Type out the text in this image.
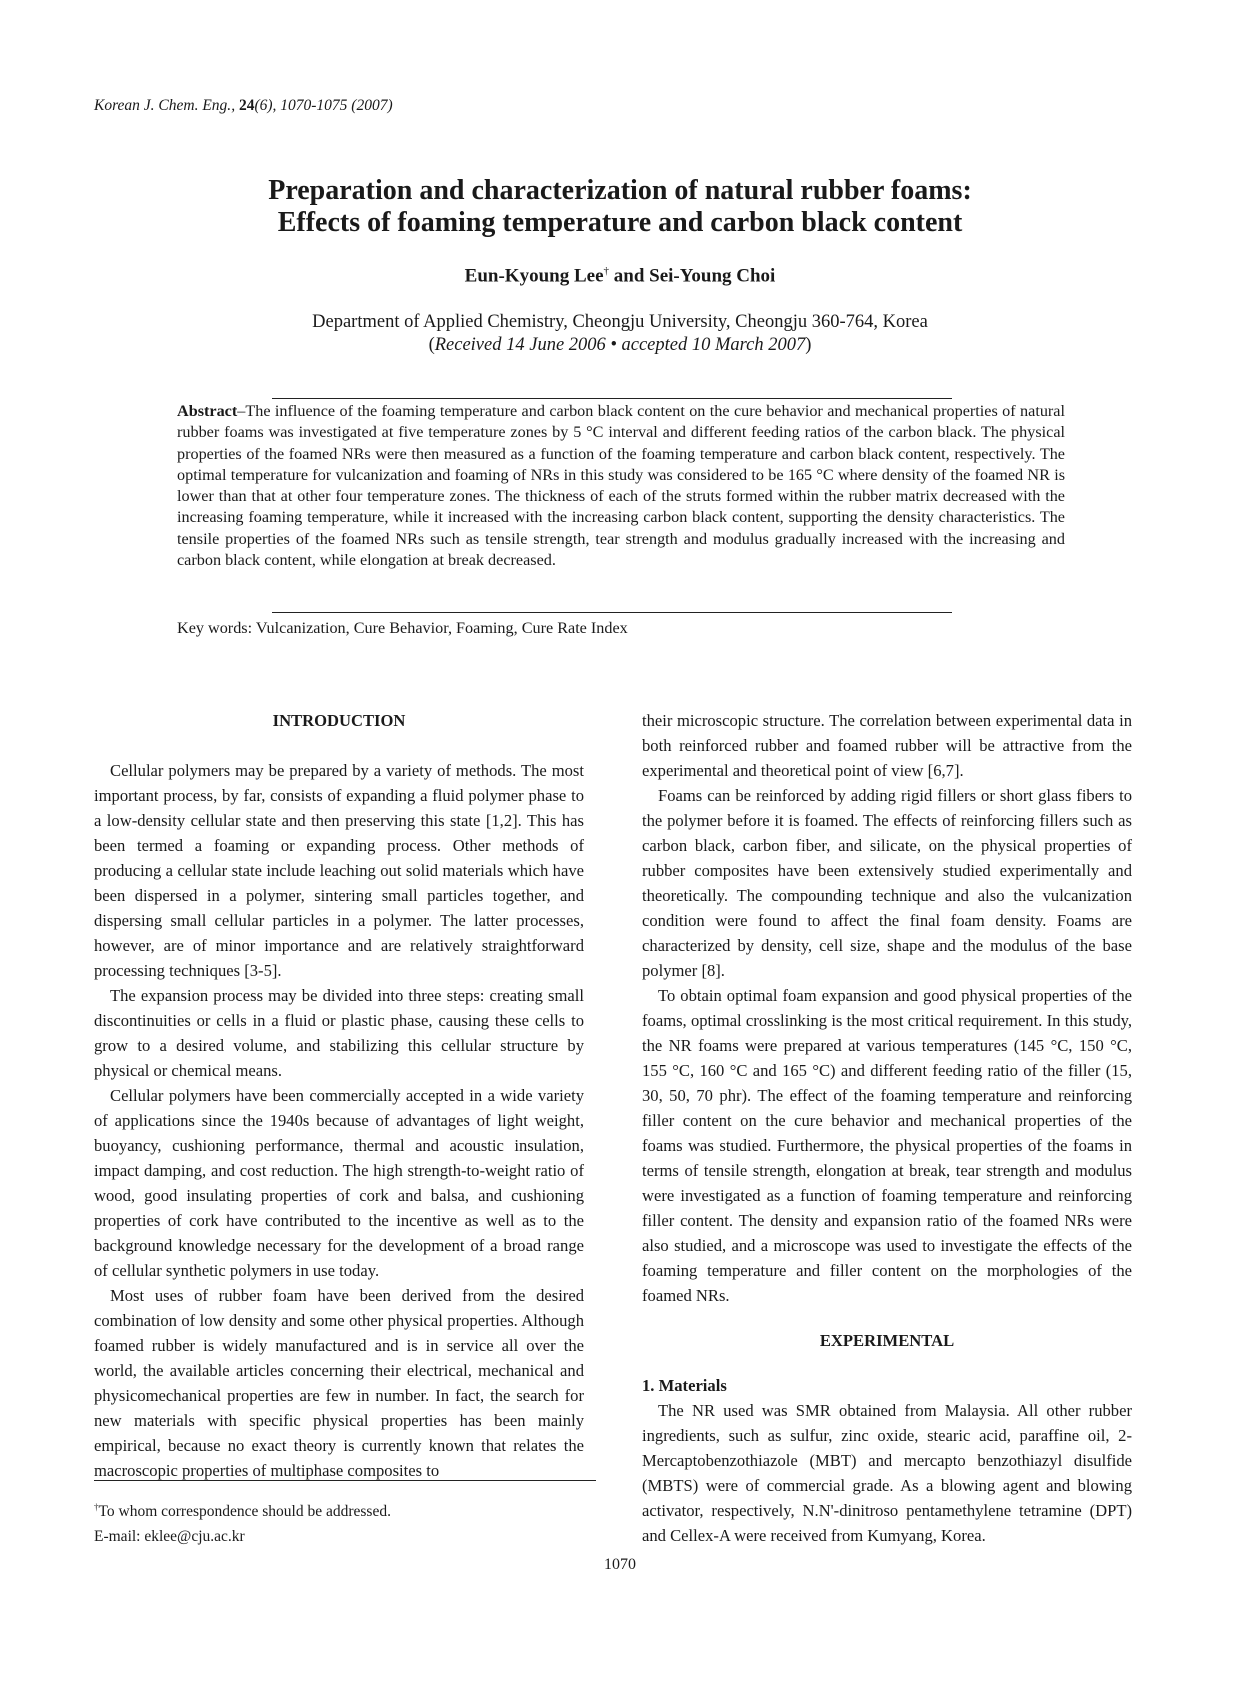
Korean J. Chem. Eng., 24(6), 1070-1075 (2007)
Preparation and characterization of natural rubber foams:
Effects of foaming temperature and carbon black content
Eun-Kyoung Lee† and Sei-Young Choi
Department of Applied Chemistry, Cheongju University, Cheongju 360-764, Korea
(Received 14 June 2006 • accepted 10 March 2007)
Abstract–The influence of the foaming temperature and carbon black content on the cure behavior and mechanical properties of natural rubber foams was investigated at five temperature zones by 5 °C interval and different feeding ratios of the carbon black. The physical properties of the foamed NRs were then measured as a function of the foaming temperature and carbon black content, respectively. The optimal temperature for vulcanization and foaming of NRs in this study was considered to be 165 °C where density of the foamed NR is lower than that at other four temperature zones. The thickness of each of the struts formed within the rubber matrix decreased with the increasing foaming temperature, while it increased with the increasing carbon black content, supporting the density characteristics. The tensile properties of the foamed NRs such as tensile strength, tear strength and modulus gradually increased with the increasing and carbon black content, while elongation at break decreased.
Key words: Vulcanization, Cure Behavior, Foaming, Cure Rate Index
INTRODUCTION

Cellular polymers may be prepared by a variety of methods. The most important process, by far, consists of expanding a fluid polymer phase to a low-density cellular state and then preserving this state [1,2]. This has been termed a foaming or expanding process. Other methods of producing a cellular state include leaching out solid materials which have been dispersed in a polymer, sintering small particles together, and dispersing small cellular particles in a polymer. The latter processes, however, are of minor importance and are relatively straightforward processing techniques [3-5].

The expansion process may be divided into three steps: creating small discontinuities or cells in a fluid or plastic phase, causing these cells to grow to a desired volume, and stabilizing this cellular structure by physical or chemical means.

Cellular polymers have been commercially accepted in a wide variety of applications since the 1940s because of advantages of light weight, buoyancy, cushioning performance, thermal and acoustic insulation, impact damping, and cost reduction. The high strength-to-weight ratio of wood, good insulating properties of cork and balsa, and cushioning properties of cork have contributed to the incentive as well as to the background knowledge necessary for the development of a broad range of cellular synthetic polymers in use today.

Most uses of rubber foam have been derived from the desired combination of low density and some other physical properties. Although foamed rubber is widely manufactured and is in service all over the world, the available articles concerning their electrical, mechanical and physicomechanical properties are few in number. In fact, the search for new materials with specific physical properties has been mainly empirical, because no exact theory is currently known that relates the macroscopic properties of multiphase composites to

their microscopic structure. The correlation between experimental data in both reinforced rubber and foamed rubber will be attractive from the experimental and theoretical point of view [6,7].

Foams can be reinforced by adding rigid fillers or short glass fibers to the polymer before it is foamed. The effects of reinforcing fillers such as carbon black, carbon fiber, and silicate, on the physical properties of rubber composites have been extensively studied experimentally and theoretically. The compounding technique and also the vulcanization condition were found to affect the final foam density. Foams are characterized by density, cell size, shape and the modulus of the base polymer [8].

To obtain optimal foam expansion and good physical properties of the foams, optimal crosslinking is the most critical requirement. In this study, the NR foams were prepared at various temperatures (145 °C, 150 °C, 155 °C, 160 °C and 165 °C) and different feeding ratio of the filler (15, 30, 50, 70 phr). The effect of the foaming temperature and reinforcing filler content on the cure behavior and mechanical properties of the foams was studied. Furthermore, the physical properties of the foams in terms of tensile strength, elongation at break, tear strength and modulus were investigated as a function of foaming temperature and reinforcing filler content. The density and expansion ratio of the foamed NRs were also studied, and a microscope was used to investigate the effects of the foaming temperature and filler content on the morphologies of the foamed NRs.

EXPERIMENTAL
1. Materials

The NR used was SMR obtained from Malaysia. All other rubber ingredients, such as sulfur, zinc oxide, stearic acid, paraffine oil, 2-Mercaptobenzothiazole (MBT) and mercapto benzothiazyl disulfide (MBTS) were of commercial grade. As a blowing agent and blowing activator, respectively, N.N'-dinitroso pentamethylene tetramine (DPT) and Cellex-A were received from Kumyang, Korea.

†To whom correspondence should be addressed.
E-mail: eklee@cju.ac.kr
1070
